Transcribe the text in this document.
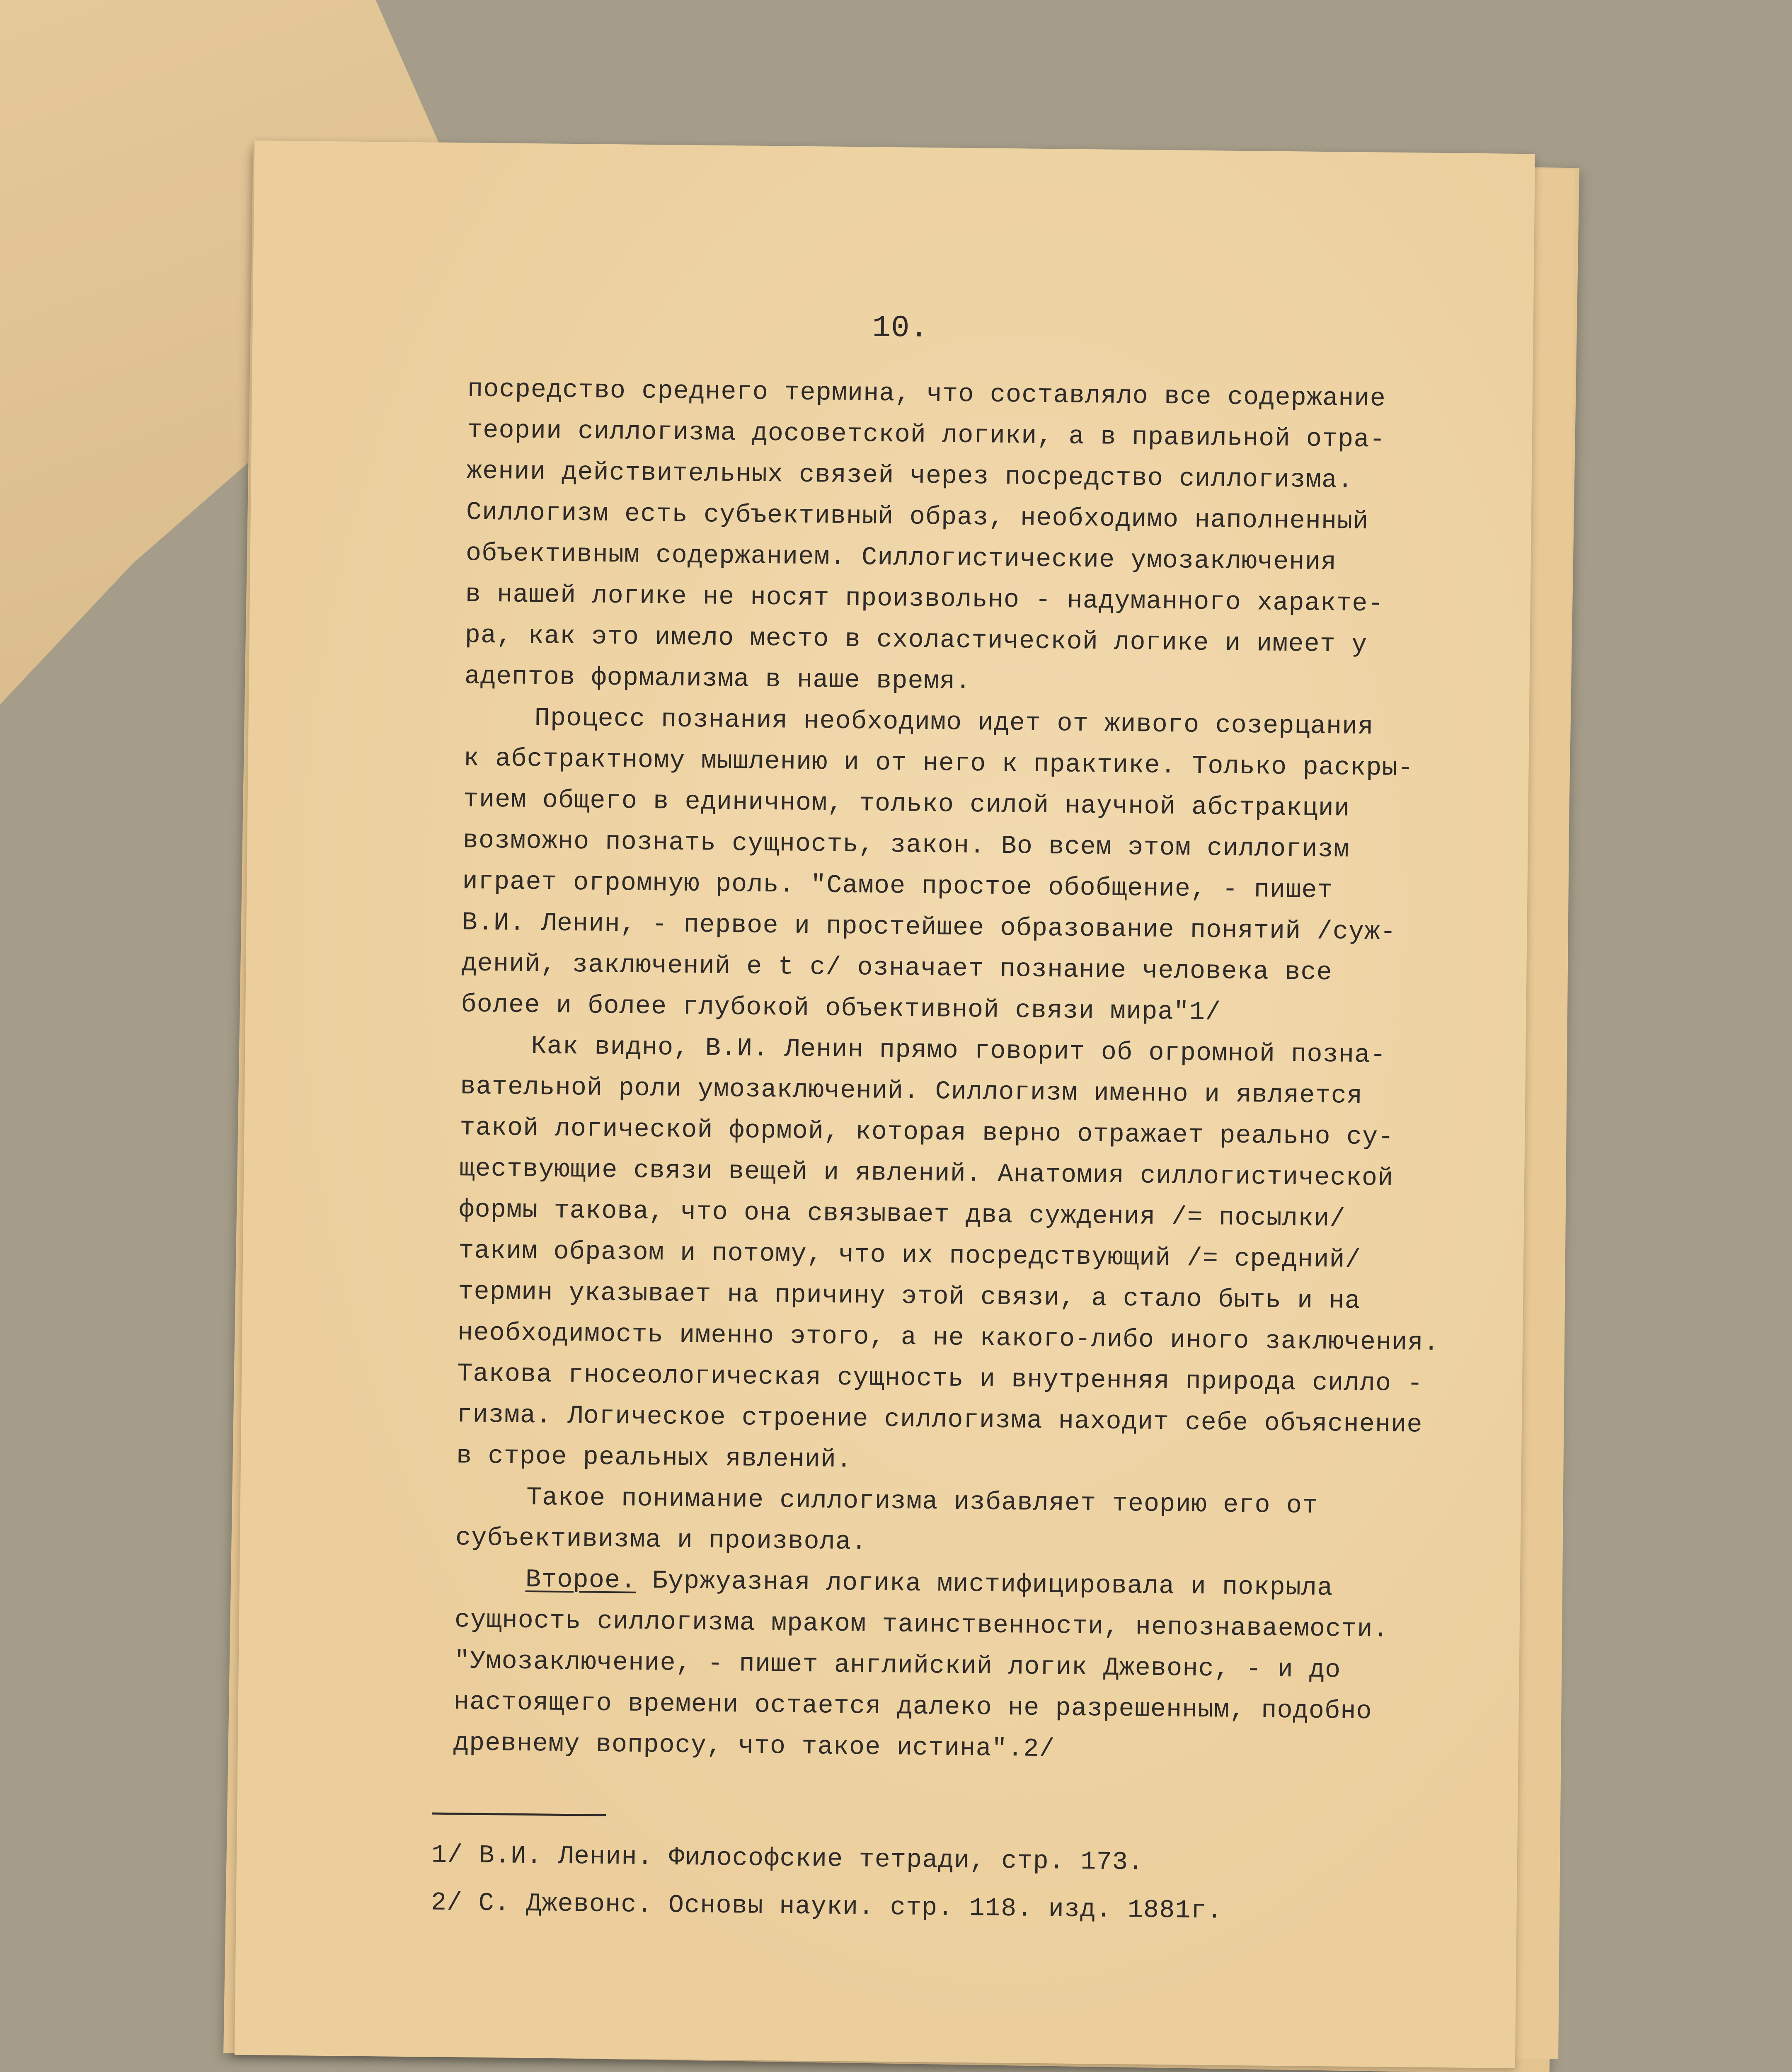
10.
посредство среднего термина, что составляло все содержание
теории силлогизма досоветской логики, а в правильной отра-
жении действительных связей через посредство силлогизма.
Силлогизм есть субъективный образ, необходимо наполненный
объективным содержанием. Силлогистические умозаключения
в нашей логике не носят произвольно - надуманного характе-
ра, как это имело место в схоластической логике и имеет у
адептов формализма в наше время.
Процесс познания необходимо идет от живого созерцания
к абстрактному мышлению и от него к практике. Только раскры-
тием общего в единичном, только силой научной абстракции
возможно познать сущность, закон. Во всем этом силлогизм
играет огромную роль. "Самое простое обобщение, - пишет
В.И. Ленин, - первое и простейшее образование понятий /суж-
дений, заключений е t c/ означает познание человека все
более и более глубокой объективной связи мира"1/
Как видно, В.И. Ленин прямо говорит об огромной позна-
вательной роли умозаключений. Силлогизм именно и является
такой логической формой, которая верно отражает реально су-
ществующие связи вещей и явлений. Анатомия силлогистической
формы такова, что она связывает два суждения /= посылки/
таким образом и потому, что их посредствующий /= средний/
термин указывает на причину этой связи, а стало быть и на
необходимость именно этого, а не какого-либо иного заключения.
Такова гносеологическая сущность и внутренняя природа силло -
гизма. Логическое строение силлогизма находит себе объяснение
в строе реальных явлений.
Такое понимание силлогизма избавляет теорию его от
субъективизма и произвола.
Второе. Буржуазная логика мистифицировала и покрыла
сущность силлогизма мраком таинственности, непознаваемости.
"Умозаключение, - пишет английский логик Джевонс, - и до
настоящего времени остается далеко не разрешенным, подобно
древнему вопросу, что такое истина".2/
1/ В.И. Ленин. Философские тетради, стр. 173.
2/ С. Джевонс. Основы науки. стр. 118. изд. 1881г.
